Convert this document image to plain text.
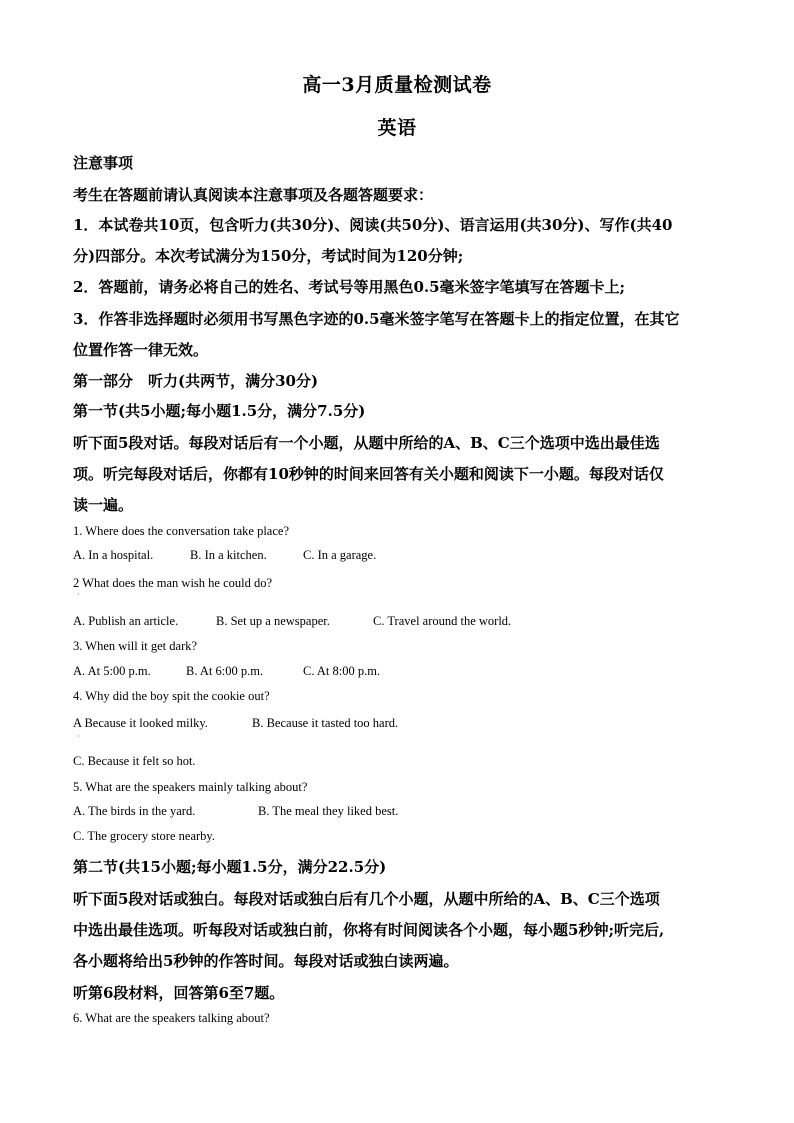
高一3月质量检测试卷
英语
注意事项
考生在答题前请认真阅读本注意事项及各题答题要求：
1．本试卷共10页，包含听力(共30分)、阅读(共50分)、语言运用(共30分)、写作(共40
分)四部分。本次考试满分为150分，考试时间为120分钟;
2．答题前，请务必将自己的姓名、考试号等用黑色0.5毫米签字笔填写在答题卡上;
3．作答非选择题时必须用书写黑色字迹的0.5毫米签字笔写在答题卡上的指定位置，在其它
位置作答一律无效。
第一部分　听力(共两节，满分30分)
第一节(共5小题;每小题1.5分，满分7.5分)
听下面5段对话。每段对话后有一个小题，从题中所给的A、B、C三个选项中选出最佳选
项。听完每段对话后，你都有10秒钟的时间来回答有关小题和阅读下一小题。每段对话仅
读一遍。
1. Where does the conversation take place?
A. In a hospital.	B. In a kitchen.	C. In a garage.
2 What does the man wish he could do?
·
A. Publish an article.	B. Set up a newspaper.	C. Travel around the world.
3. When will it get dark?
A. At 5:00 p.m.	B. At 6:00 p.m.	C. At 8:00 p.m.
4. Why did the boy spit the cookie out?
A Because it looked milky.	B. Because it tasted too hard.
·
C. Because it felt so hot.
5. What are the speakers mainly talking about?
A. The birds in the yard.	B. The meal they liked best.
C. The grocery store nearby.
第二节(共15小题;每小题1.5分，满分22.5分)
听下面5段对话或独白。每段对话或独白后有几个小题，从题中所给的A、B、C三个选项
中选出最佳选项。听每段对话或独白前，你将有时间阅读各个小题，每小题5秒钟;听完后,
各小题将给出5秒钟的作答时间。每段对话或独白读两遍。
听第6段材料，回答第6至7题。
6. What are the speakers talking about?
